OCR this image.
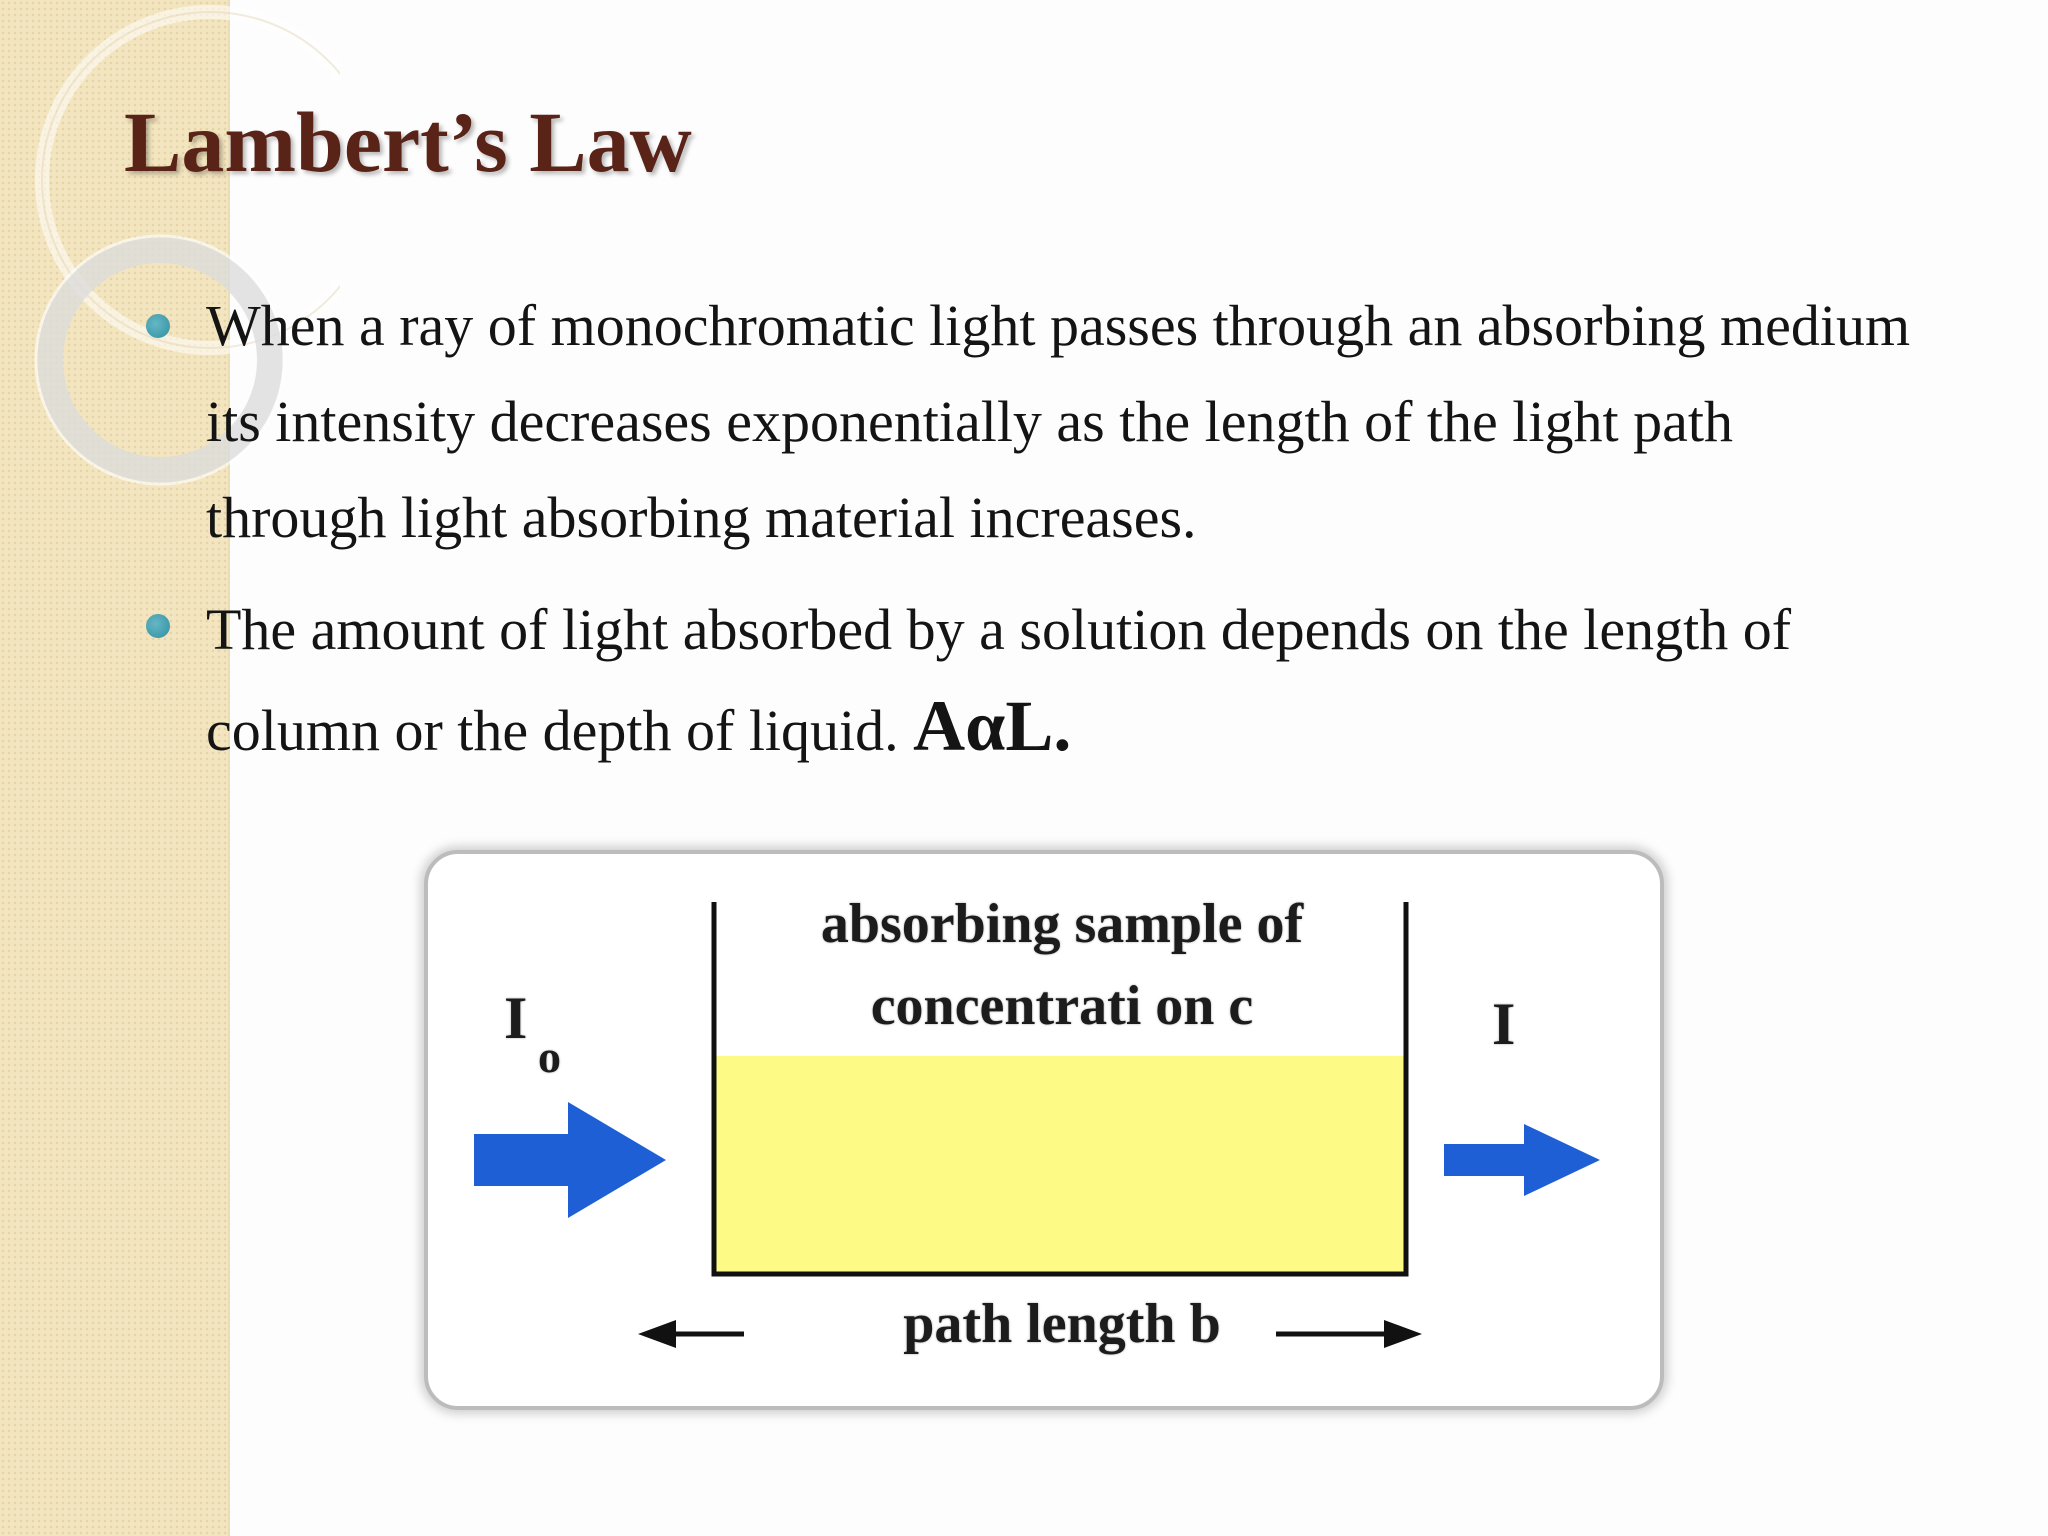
Lambert’s Law
When a ray of monochromatic light passes through an absorbing medium its intensity decreases exponentially as the length of the light path through light absorbing material increases.
The amount of light absorbed by a solution depends on the length of column or the depth of liquid. AαL.
absorbing sample of
concentrati on c
I
o	I
path length b
